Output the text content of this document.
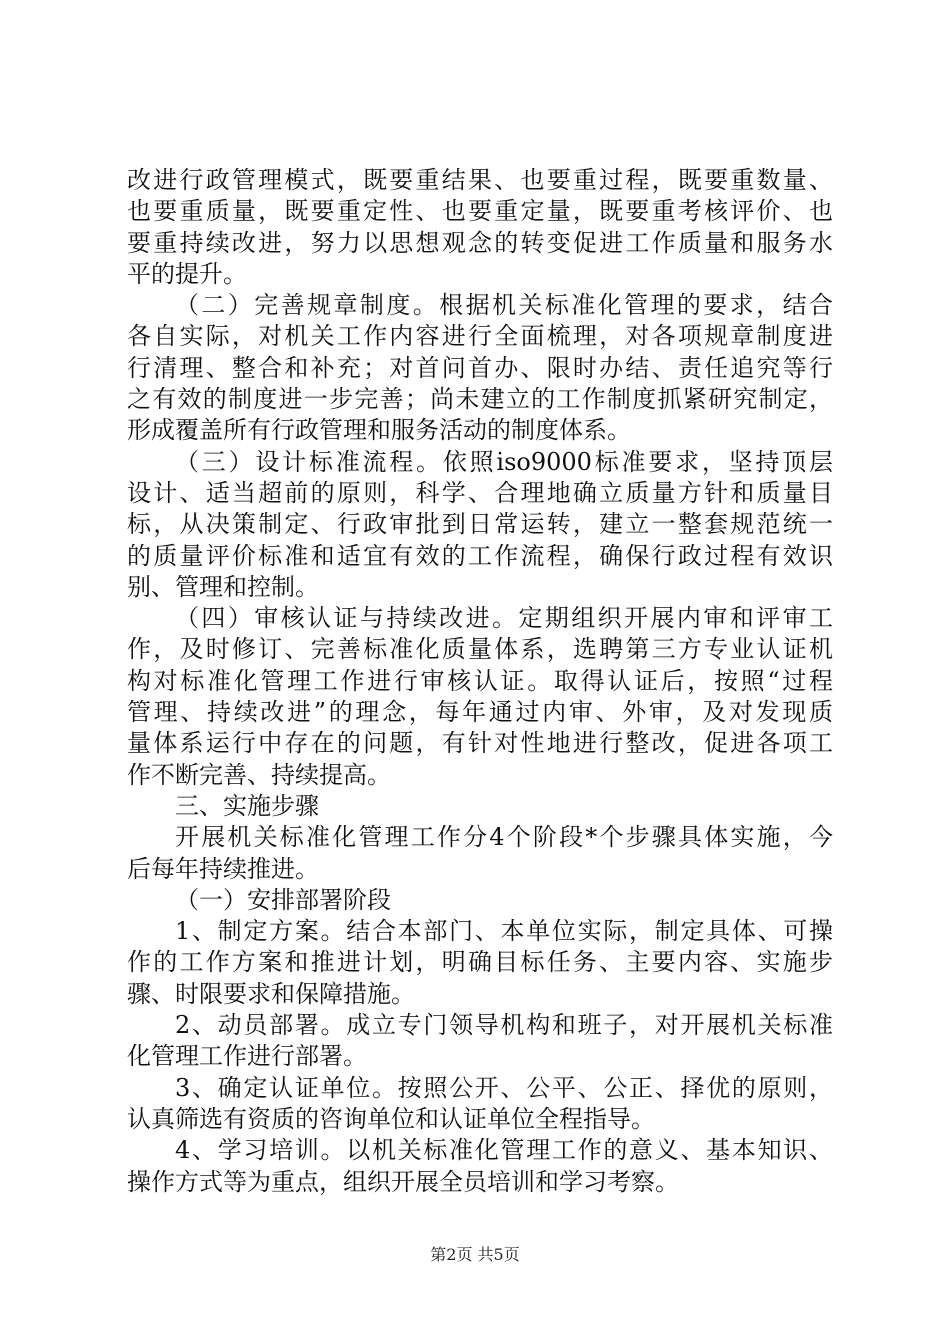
改进行政管理模式，既要重结果、也要重过程，既要重数量、
也要重质量，既要重定性、也要重定量，既要重考核评价、也
要重持续改进，努力以思想观念的转变促进工作质量和服务水
平的提升。
（二）完善规章制度。根据机关标准化管理的要求，结合
各自实际，对机关工作内容进行全面梳理，对各项规章制度进
行清理、整合和补充；对首问首办、限时办结、责任追究等行
之有效的制度进一步完善；尚未建立的工作制度抓紧研究制定，
形成覆盖所有行政管理和服务活动的制度体系。
（三）设计标准流程。依照iso9000标准要求，坚持顶层
设计、适当超前的原则，科学、合理地确立质量方针和质量目
标，从决策制定、行政审批到日常运转，建立一整套规范统一
的质量评价标准和适宜有效的工作流程，确保行政过程有效识
别、管理和控制。
（四）审核认证与持续改进。定期组织开展内审和评审工
作，及时修订、完善标准化质量体系，选聘第三方专业认证机
构对标准化管理工作进行审核认证。取得认证后，按照“过程
管理、持续改进”的理念，每年通过内审、外审，及对发现质
量体系运行中存在的问题，有针对性地进行整改，促进各项工
作不断完善、持续提高。
三、实施步骤
开展机关标准化管理工作分4个阶段*个步骤具体实施，今
后每年持续推进。
（一）安排部署阶段
1、制定方案。结合本部门、本单位实际，制定具体、可操
作的工作方案和推进计划，明确目标任务、主要内容、实施步
骤、时限要求和保障措施。
2、动员部署。成立专门领导机构和班子，对开展机关标准
化管理工作进行部署。
3、确定认证单位。按照公开、公平、公正、择优的原则，
认真筛选有资质的咨询单位和认证单位全程指导。
4、学习培训。以机关标准化管理工作的意义、基本知识、
操作方式等为重点，组织开展全员培训和学习考察。
第2页 共5页
